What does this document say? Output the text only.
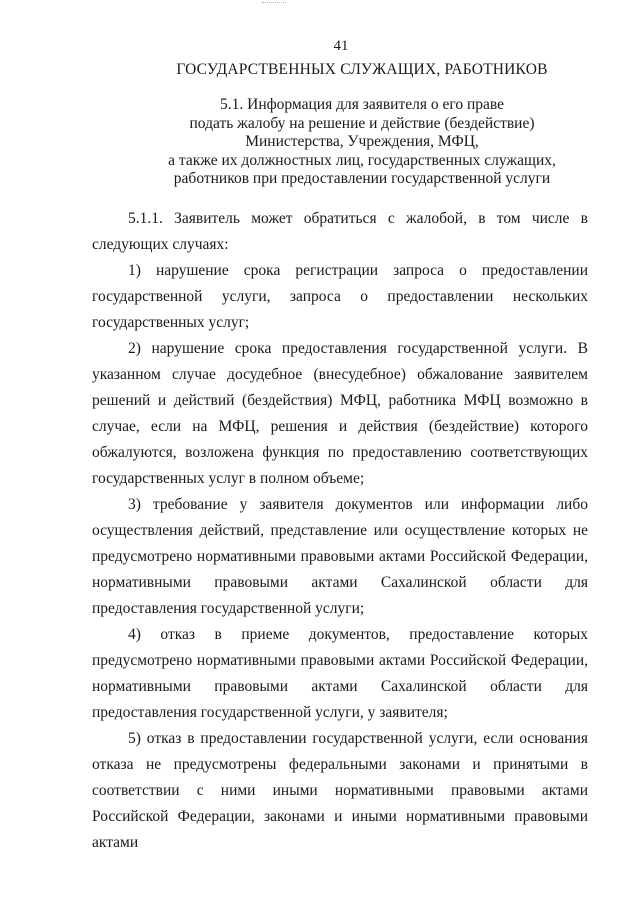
41
ГОСУДАРСТВЕННЫХ СЛУЖАЩИХ, РАБОТНИКОВ
5.1. Информация для заявителя о его праве
подать жалобу на решение и действие (бездействие)
Министерства, Учреждения, МФЦ,
а также их должностных лиц, государственных служащих,
работников при предоставлении государственной услуги

5.1.1. Заявитель может обратиться с жалобой, в том числе в следующих случаях:

1) нарушение срока регистрации запроса о предоставлении государственной услуги, запроса о предоставлении нескольких государственных услуг;

2) нарушение срока предоставления государственной услуги. В указанном случае досудебное (внесудебное) обжалование заявителем решений и действий (бездействия) МФЦ, работника МФЦ возможно в случае, если на МФЦ, решения и действия (бездействие) которого обжалуются, возложена функция по предоставлению соответствующих государственных услуг в полном объеме;

3) требование у заявителя документов или информации либо осуществления действий, представление или осуществление которых не предусмотрено нормативными правовыми актами Российской Федерации, нормативными правовыми актами Сахалинской области для предоставления государственной услуги;

4) отказ в приеме документов, предоставление которых предусмотрено нормативными правовыми актами Российской Федерации, нормативными правовыми актами Сахалинской области для предоставления государственной услуги, у заявителя;

5) отказ в предоставлении государственной услуги, если основания отказа не предусмотрены федеральными законами и принятыми в соответствии с ними иными нормативными правовыми актами Российской Федерации, законами и иными нормативными правовыми актами
